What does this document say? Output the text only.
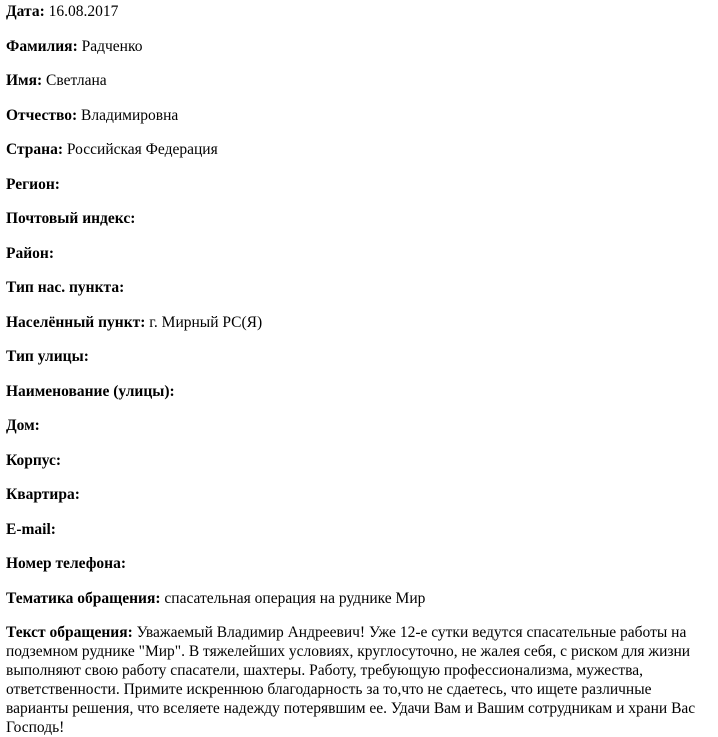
Дата: 16.08.2017

Фамилия: Радченко

Имя: Светлана

Отчество: Владимировна

Страна: Российская Федерация

Регион:

Почтовый индекс:

Район:

Тип нас. пункта:

Населённый пункт: г. Мирный РС(Я)

Тип улицы:

Наименование (улицы):

Дом:

Корпус:

Квартира:

E-mail:

Номер телефона:

Тематика обращения: спасательная операция на руднике Мир

Текст обращения: Уважаемый Владимир Андреевич! Уже 12-е сутки ведутся спасательные работы на подземном руднике "Мир". В тяжелейших условиях, круглосуточно, не жалея себя, с риском для жизни выполняют свою работу спасатели, шахтеры. Работу, требующую профессионализма, мужества, ответственности. Примите искреннюю благодарность за то,что не сдаетесь, что ищете различные варианты решения, что вселяете надежду потерявшим ее. Удачи Вам и Вашим сотрудникам и храни Вас Господь!
